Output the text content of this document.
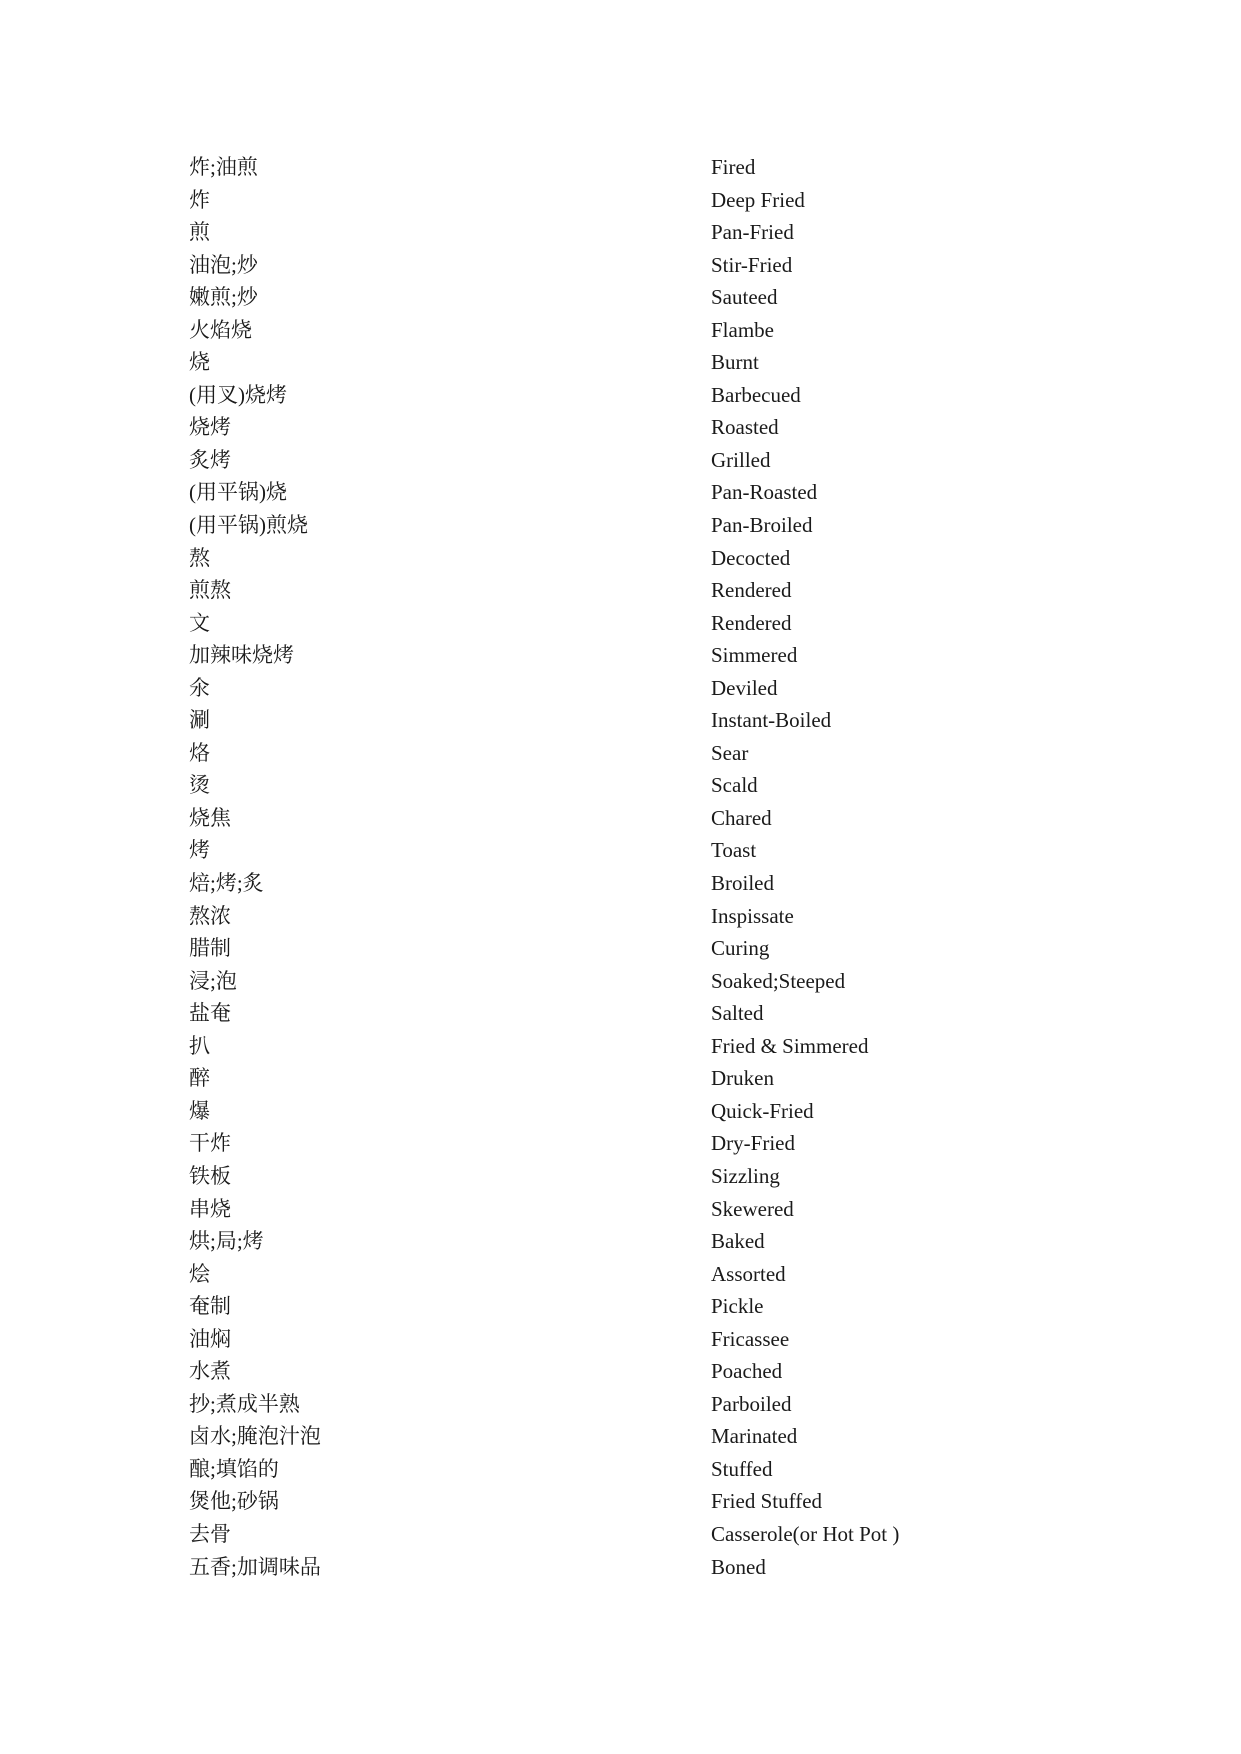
炸;油煎	Fired
炸	Deep Fried
煎	Pan-Fried
油泡;炒	Stir-Fried
嫩煎;炒	Sauteed
火焰烧	Flambe
烧	Burnt
(用叉)烧烤	Barbecued
烧烤	Roasted
炙烤	Grilled
(用平锅)烧	Pan-Roasted
(用平锅)煎烧	Pan-Broiled
熬	Decocted
煎熬	Rendered
文	Rendered
加辣味烧烤	Simmered
氽	Deviled
涮	Instant-Boiled
烙	Sear
烫	Scald
烧焦	Chared
烤	Toast
焙;烤;炙	Broiled
熬浓	Inspissate
腊制	Curing
浸;泡	Soaked;Steeped
盐奄	Salted
扒	Fried & Simmered
醉	Druken
爆	Quick-Fried
干炸	Dry-Fried
铁板	Sizzling
串烧	Skewered
烘;局;烤	Baked
烩	Assorted
奄制	Pickle
油焖	Fricassee
水煮	Poached
抄;煮成半熟	Parboiled
卤水;腌泡汁泡	Marinated
酿;填馅的	Stuffed
煲他;砂锅	Fried Stuffed
去骨	Casserole(or Hot Pot )
五香;加调味品	Boned
